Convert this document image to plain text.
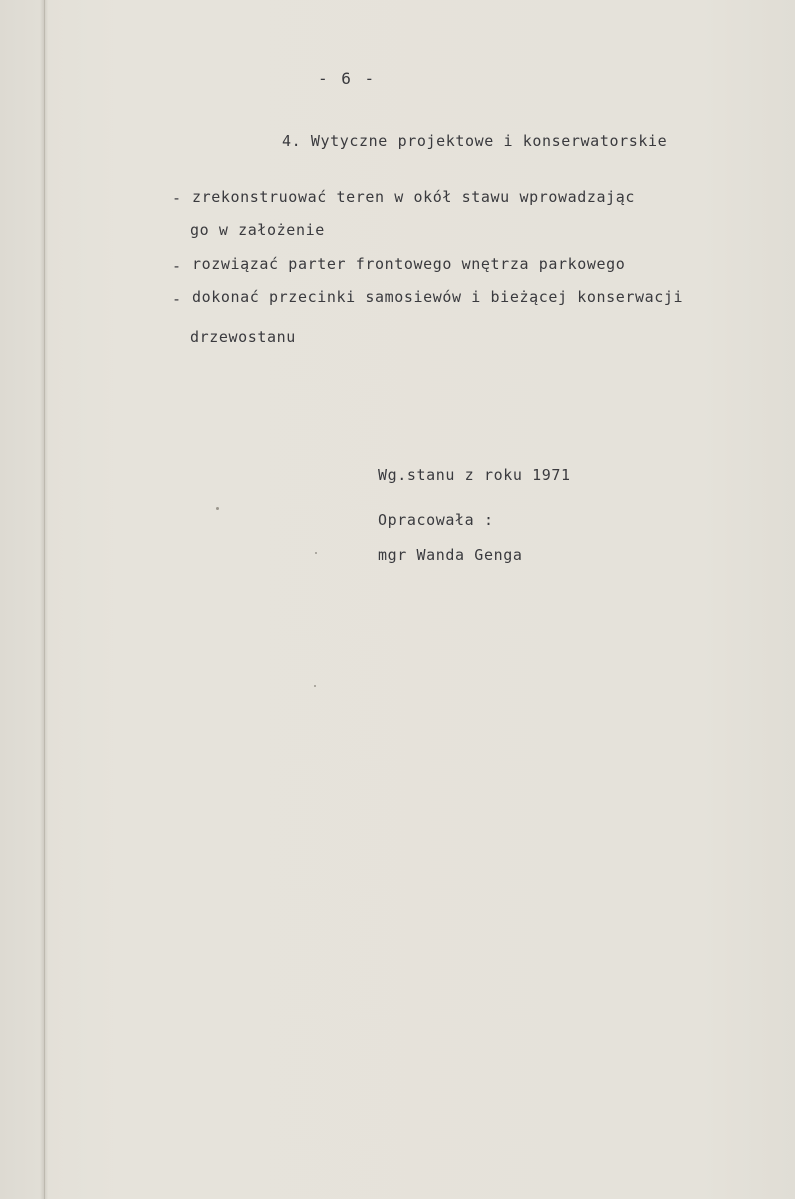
- 6 -
4. Wytyczne projektowe i konserwatorskie
- zrekonstruować teren w okół stawu wprowadzając
go w założenie
- rozwiązać parter frontowego wnętrza parkowego
- dokonać przecinki samosiewów i bieżącej konserwacji
drzewostanu
Wg.stanu z roku 1971
Opracowała :
mgr Wanda Genga
